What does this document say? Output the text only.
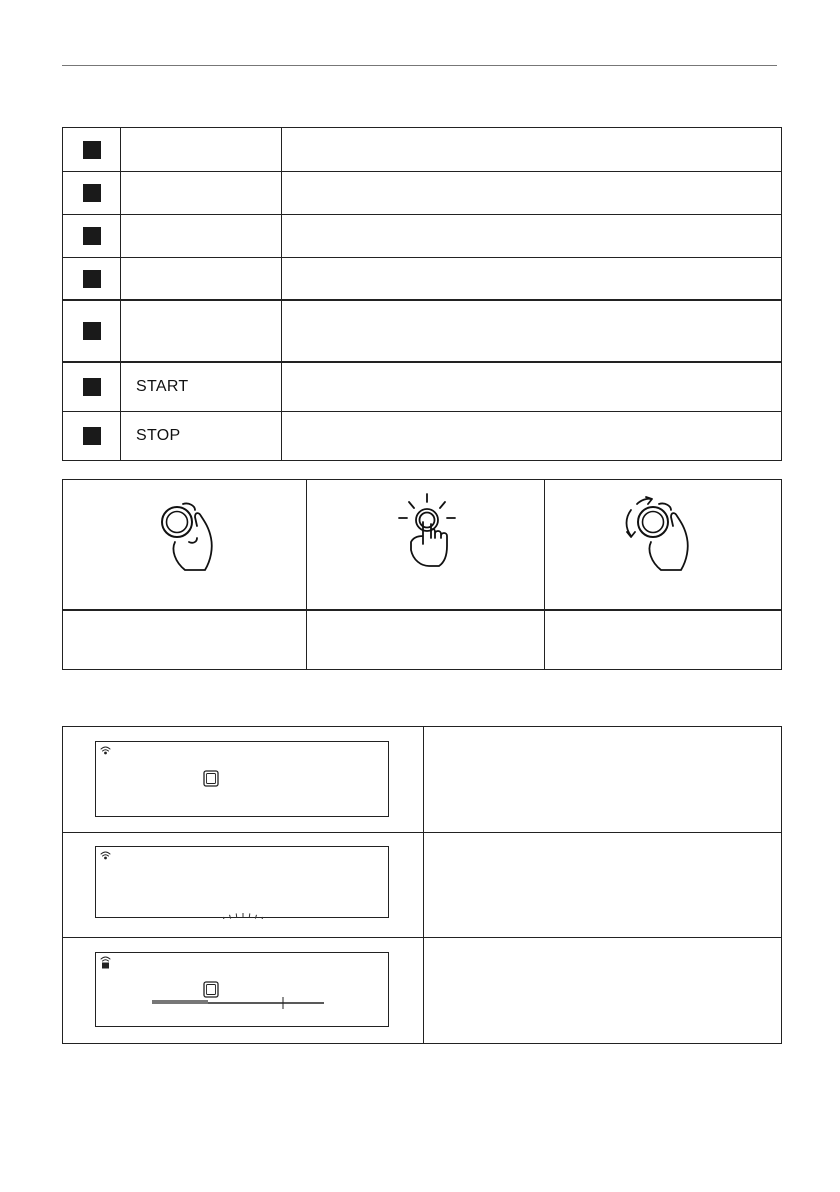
START
STOP
